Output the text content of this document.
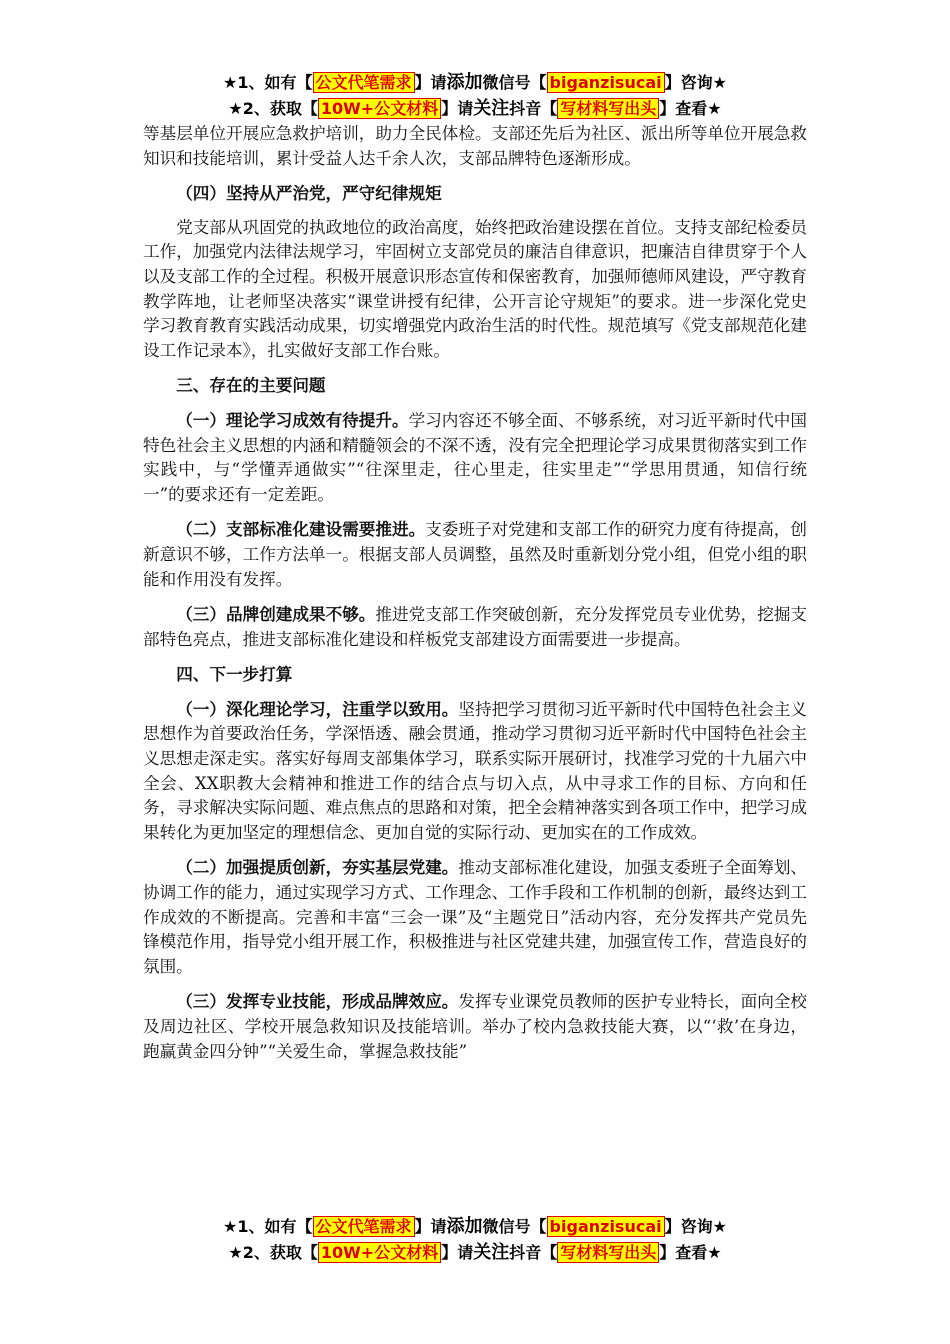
★1、如有【 公文代笔需求 】请添加微信号【 biganzisucai 】咨询★
★2、获取【 10W+公文材料 】请关注抖音【 写材料写出头 】查看★

等基层单位开展应急救护培训，助力全民体检。支部还先后为社区、派出所等单位开展急救知识和技能培训，累计受益人达千余人次，支部品牌特色逐渐形成。

（四）坚持从严治党，严守纪律规矩

党支部从巩固党的执政地位的政治高度，始终把政治建设摆在首位。支持支部纪检委员工作，加强党内法律法规学习，牢固树立支部党员的廉洁自律意识，把廉洁自律贯穿于个人以及支部工作的全过程。积极开展意识形态宣传和保密教育，加强师德师风建设，严守教育教学阵地，让老师坚决落实“课堂讲授有纪律，公开言论守规矩”的要求。进一步深化党史学习教育教育实践活动成果，切实增强党内政治生活的时代性。规范填写《党支部规范化建设工作记录本》，扎实做好支部工作台账。

三、存在的主要问题

（一）理论学习成效有待提升。学习内容还不够全面、不够系统，对习近平新时代中国特色社会主义思想的内涵和精髓领会的不深不透，没有完全把理论学习成果贯彻落实到工作实践中，与“学懂弄通做实”“往深里走，往心里走，往实里走”“学思用贯通，知信行统一”的要求还有一定差距。

（二）支部标准化建设需要推进。支委班子对党建和支部工作的研究力度有待提高，创新意识不够，工作方法单一。根据支部人员调整，虽然及时重新划分党小组，但党小组的职能和作用没有发挥。

（三）品牌创建成果不够。推进党支部工作突破创新，充分发挥党员专业优势，挖掘支部特色亮点，推进支部标准化建设和样板党支部建设方面需要进一步提高。

四、下一步打算

（一）深化理论学习，注重学以致用。坚持把学习贯彻习近平新时代中国特色社会主义思想作为首要政治任务，学深悟透、融会贯通，推动学习贯彻习近平新时代中国特色社会主义思想走深走实。落实好每周支部集体学习，联系实际开展研讨，找准学习党的十九届六中全会、XX职教大会精神和推进工作的结合点与切入点，从中寻求工作的目标、方向和任务，寻求解决实际问题、难点焦点的思路和对策，把全会精神落实到各项工作中，把学习成果转化为更加坚定的理想信念、更加自觉的实际行动、更加实在的工作成效。

（二）加强提质创新，夯实基层党建。推动支部标准化建设，加强支委班子全面筹划、协调工作的能力，通过实现学习方式、工作理念、工作手段和工作机制的创新，最终达到工作成效的不断提高。完善和丰富“三会一课”及“主题党日”活动内容，充分发挥共产党员先锋模范作用，指导党小组开展工作，积极推进与社区党建共建，加强宣传工作，营造良好的氛围。

（三）发挥专业技能，形成品牌效应。发挥专业课党员教师的医护专业特长，面向全校及周边社区、学校开展急救知识及技能培训。举办了校内急救技能大赛，以“‘救’在身边，跑赢黄金四分钟”“关爱生命，掌握急救技能”

★1、如有【 公文代笔需求 】请添加微信号【 biganzisucai 】咨询★
★2、获取【 10W+公文材料 】请关注抖音【 写材料写出头 】查看★
